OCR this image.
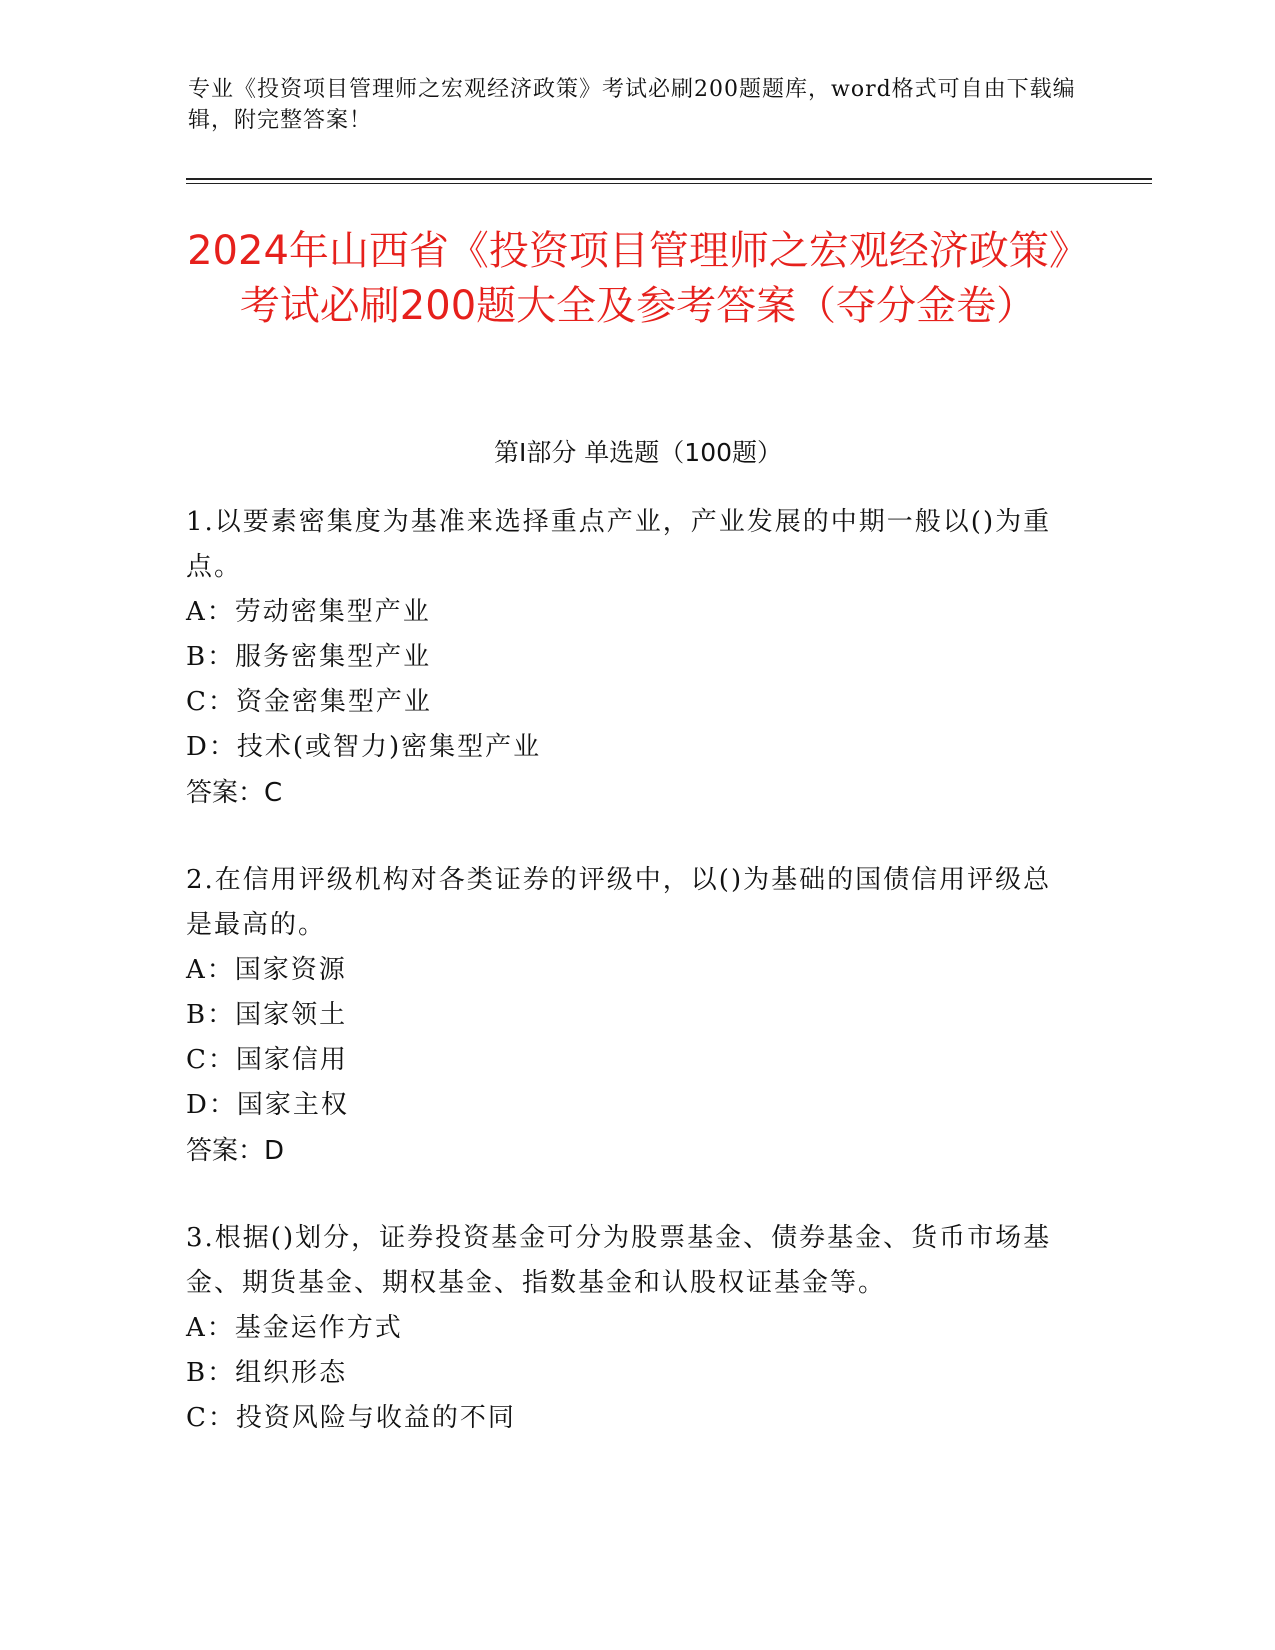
专业《投资项目管理师之宏观经济政策》考试必刷200题题库，word格式可自由下载编辑，附完整答案！
2024年山西省《投资项目管理师之宏观经济政策》考试必刷200题大全及参考答案（夺分金卷）
第Ⅰ部分 单选题（100题）
1.以要素密集度为基准来选择重点产业，产业发展的中期一般以()为重点。
A：劳动密集型产业
B：服务密集型产业
C：资金密集型产业
D：技术(或智力)密集型产业
答案：C
2.在信用评级机构对各类证券的评级中，以()为基础的国债信用评级总是最高的。
A：国家资源
B：国家领土
C：国家信用
D：国家主权
答案：D
3.根据()划分，证券投资基金可分为股票基金、债券基金、货币市场基金、期货基金、期权基金、指数基金和认股权证基金等。
A：基金运作方式
B：组织形态
C：投资风险与收益的不同
